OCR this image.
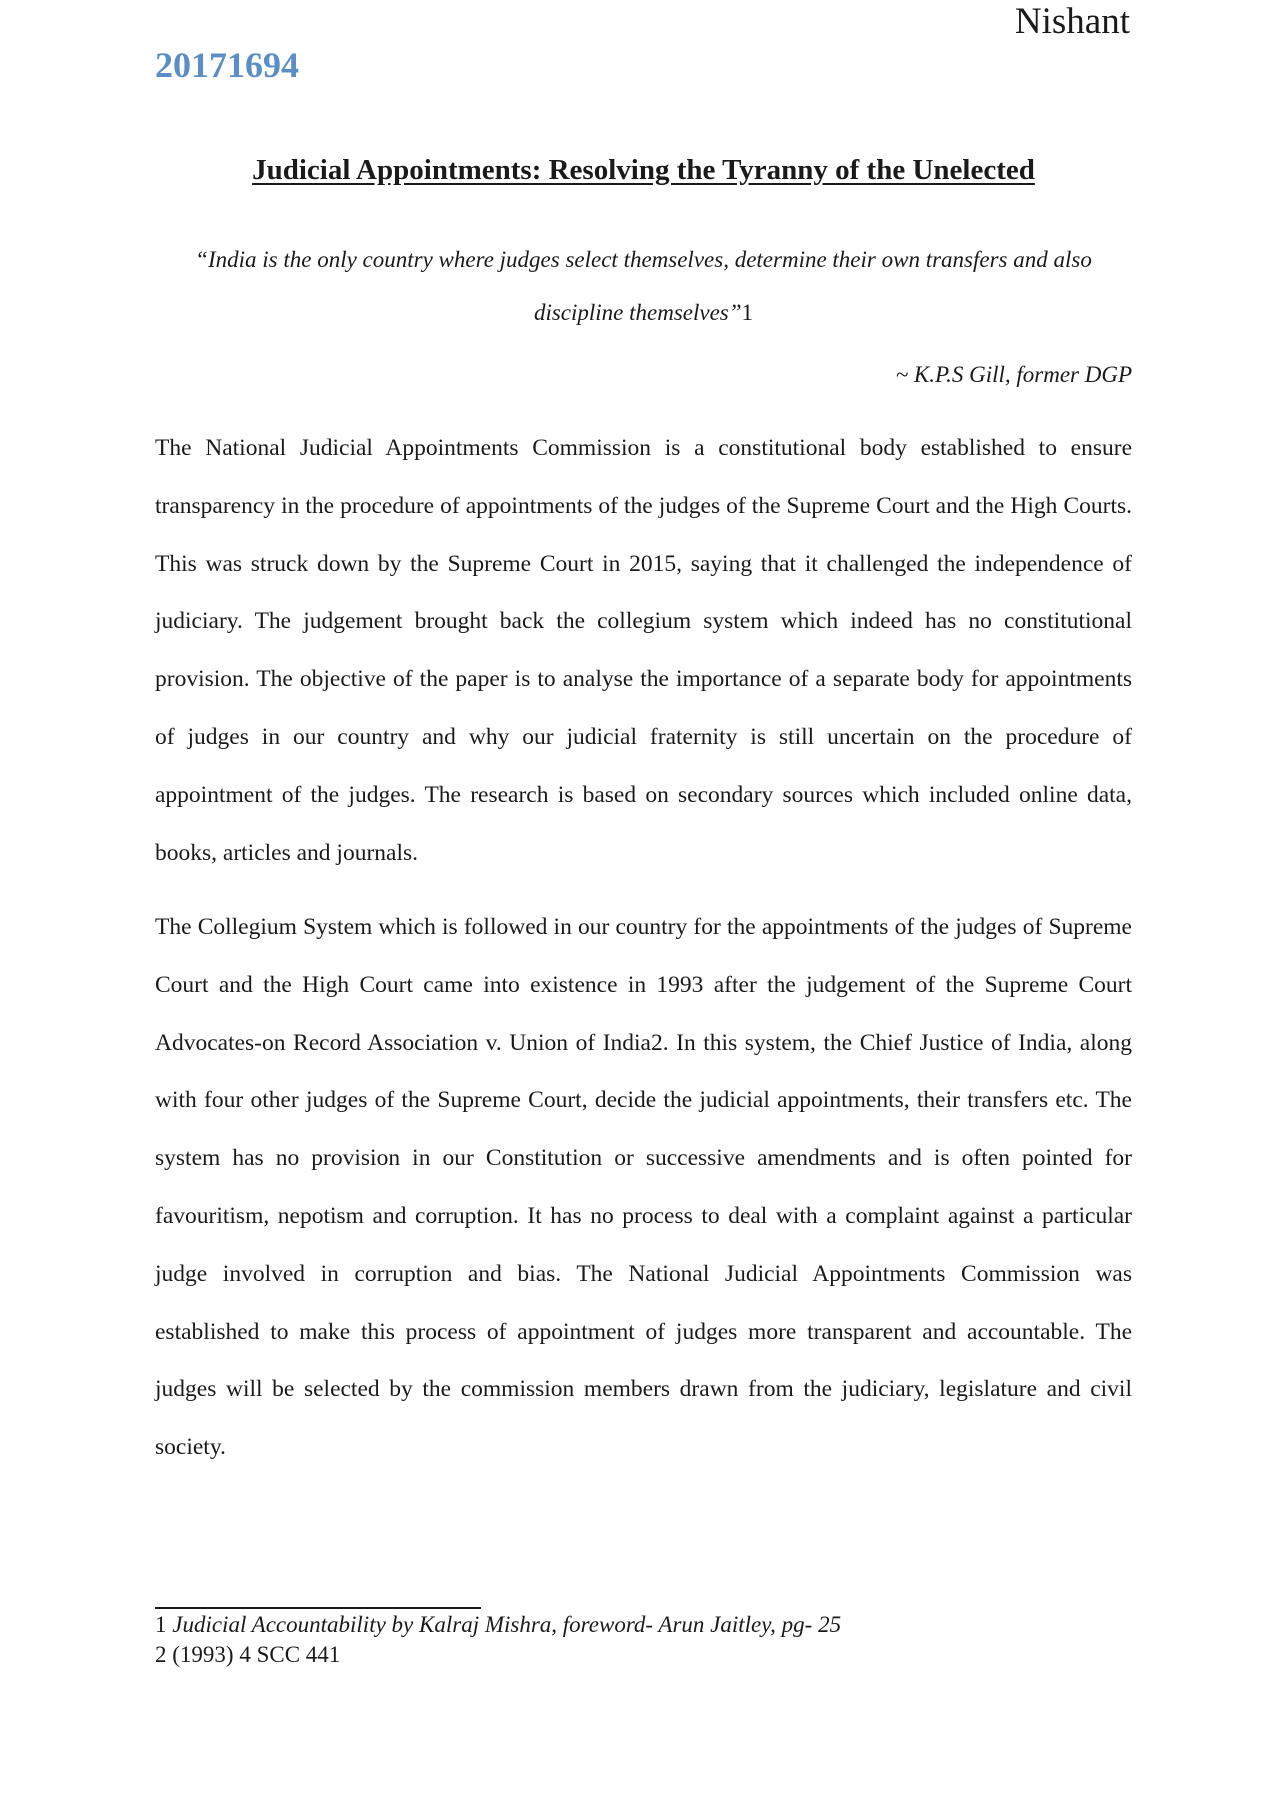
Nishant
20171694
Judicial Appointments: Resolving the Tyranny of the Unelected
“India is the only country where judges select themselves, determine their own transfers and also discipline themselves”1
~ K.P.S Gill, former DGP

The National Judicial Appointments Commission is a constitutional body established to ensure transparency in the procedure of appointments of the judges of the Supreme Court and the High Courts. This was struck down by the Supreme Court in 2015, saying that it challenged the independence of judiciary. The judgement brought back the collegium system which indeed has no constitutional provision. The objective of the paper is to analyse the importance of a separate body for appointments of judges in our country and why our judicial fraternity is still uncertain on the procedure of appointment of the judges. The research is based on secondary sources which included online data, books, articles and journals.

The Collegium System which is followed in our country for the appointments of the judges of Supreme Court and the High Court came into existence in 1993 after the judgement of the Supreme Court Advocates-on Record Association v. Union of India2. In this system, the Chief Justice of India, along with four other judges of the Supreme Court, decide the judicial appointments, their transfers etc. The system has no provision in our Constitution or successive amendments and is often pointed for favouritism, nepotism and corruption. It has no process to deal with a complaint against a particular judge involved in corruption and bias. The National Judicial Appointments Commission was established to make this process of appointment of judges more transparent and accountable. The judges will be selected by the commission members drawn from the judiciary, legislature and civil society.

1 Judicial Accountability by Kalraj Mishra, foreword- Arun Jaitley, pg- 25

2 (1993) 4 SCC 441
